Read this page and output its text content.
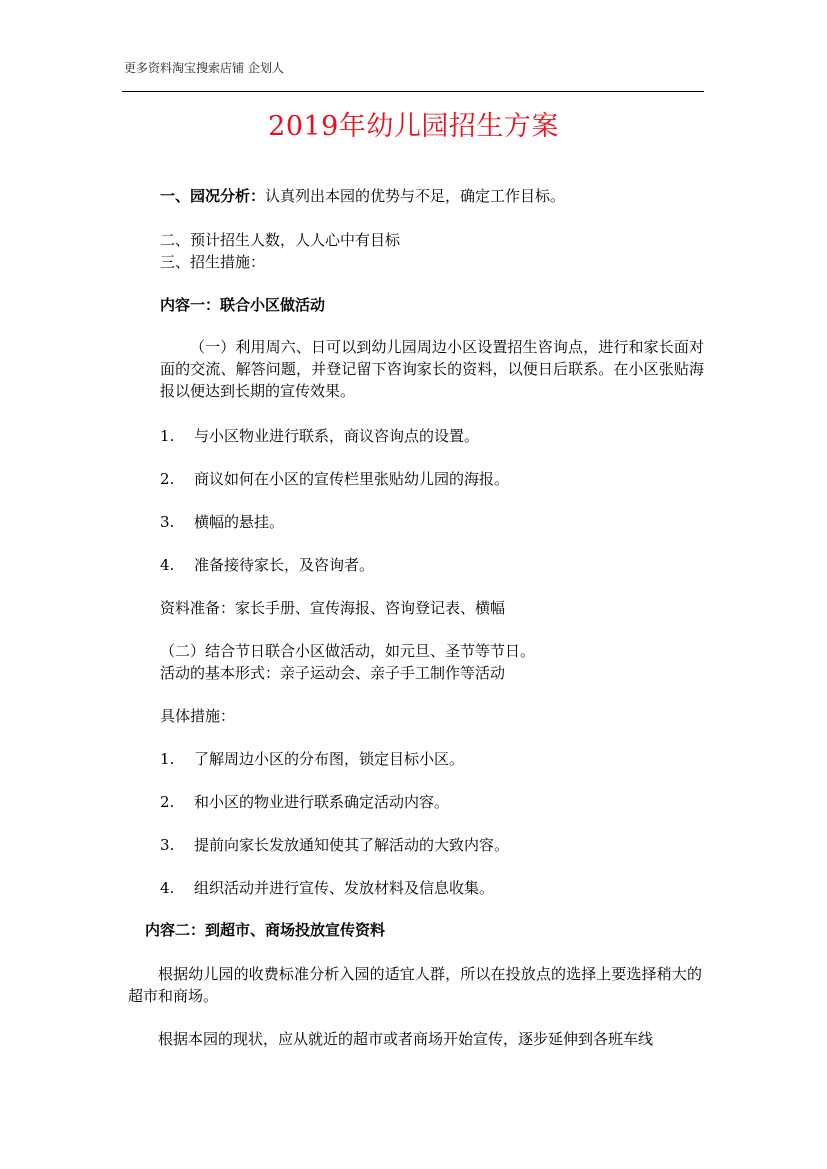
更多资料淘宝搜索店铺 企划人
2019年幼儿园招生方案
一、园况分析：认真列出本园的优势与不足，确定工作目标。
二、预计招生人数，人人心中有目标
三、招生措施：
内容一：联合小区做活动
（一）利用周六、日可以到幼儿园周边小区设置招生咨询点，进行和家长面对面的交流、解答问题，并登记留下咨询家长的资料，以便日后联系。在小区张贴海报以便达到长期的宣传效果。
1. 与小区物业进行联系，商议咨询点的设置。
2. 商议如何在小区的宣传栏里张贴幼儿园的海报。
3. 横幅的悬挂。
4. 准备接待家长，及咨询者。
资料准备：家长手册、宣传海报、咨询登记表、横幅
（二）结合节日联合小区做活动，如元旦、圣节等节日。
活动的基本形式：亲子运动会、亲子手工制作等活动
具体措施：
1. 了解周边小区的分布图，锁定目标小区。
2. 和小区的物业进行联系确定活动内容。
3. 提前向家长发放通知使其了解活动的大致内容。
4. 组织活动并进行宣传、发放材料及信息收集。
内容二：到超市、商场投放宣传资料
根据幼儿园的收费标准分析入园的适宜人群，所以在投放点的选择上要选择稍大的超市和商场。
根据本园的现状，应从就近的超市或者商场开始宣传，逐步延伸到各班车线
